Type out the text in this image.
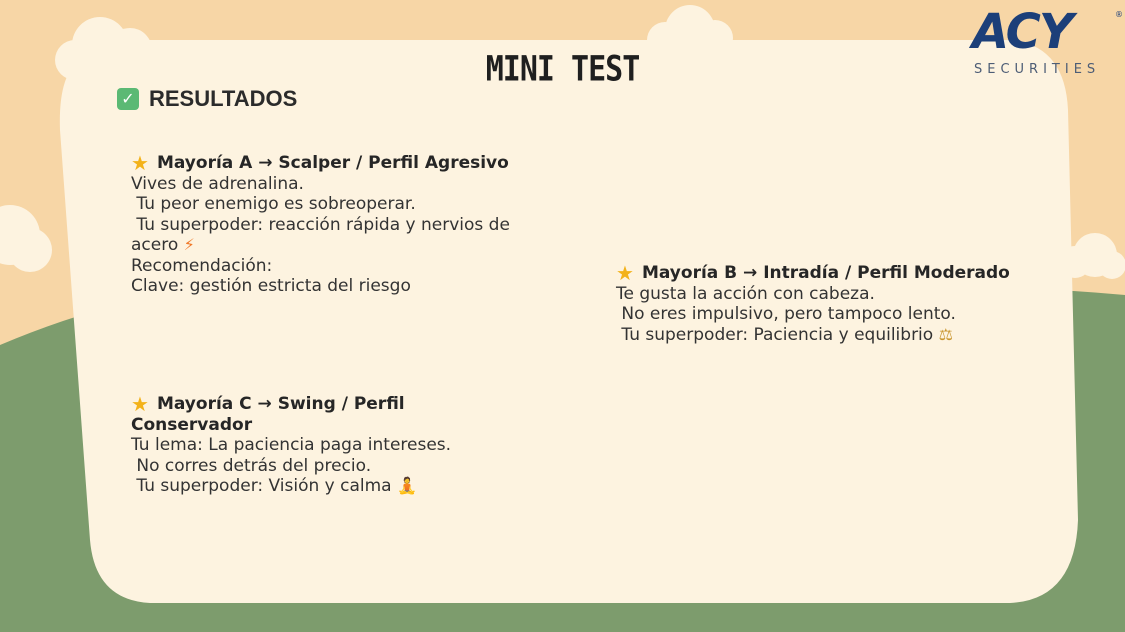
ACY	®
SECURITIES
MINI TEST
✓ RESULTADOS
★ Mayoría A → Scalper / Perfil Agresivo
Vives de adrenalina.
Tu peor enemigo es sobreoperar.
Tu superpoder: reacción rápida y nervios de
acero ⚡
Recomendación:
Clave: gestión estricta del riesgo
★ Mayoría B → Intradía / Perfil Moderado
Te gusta la acción con cabeza.
No eres impulsivo, pero tampoco lento.
Tu superpoder: Paciencia y equilibrio ⚖
★ Mayoría C → Swing / Perfil
Conservador
Tu lema: La paciencia paga intereses.
No corres detrás del precio.
Tu superpoder: Visión y calma 🧘
